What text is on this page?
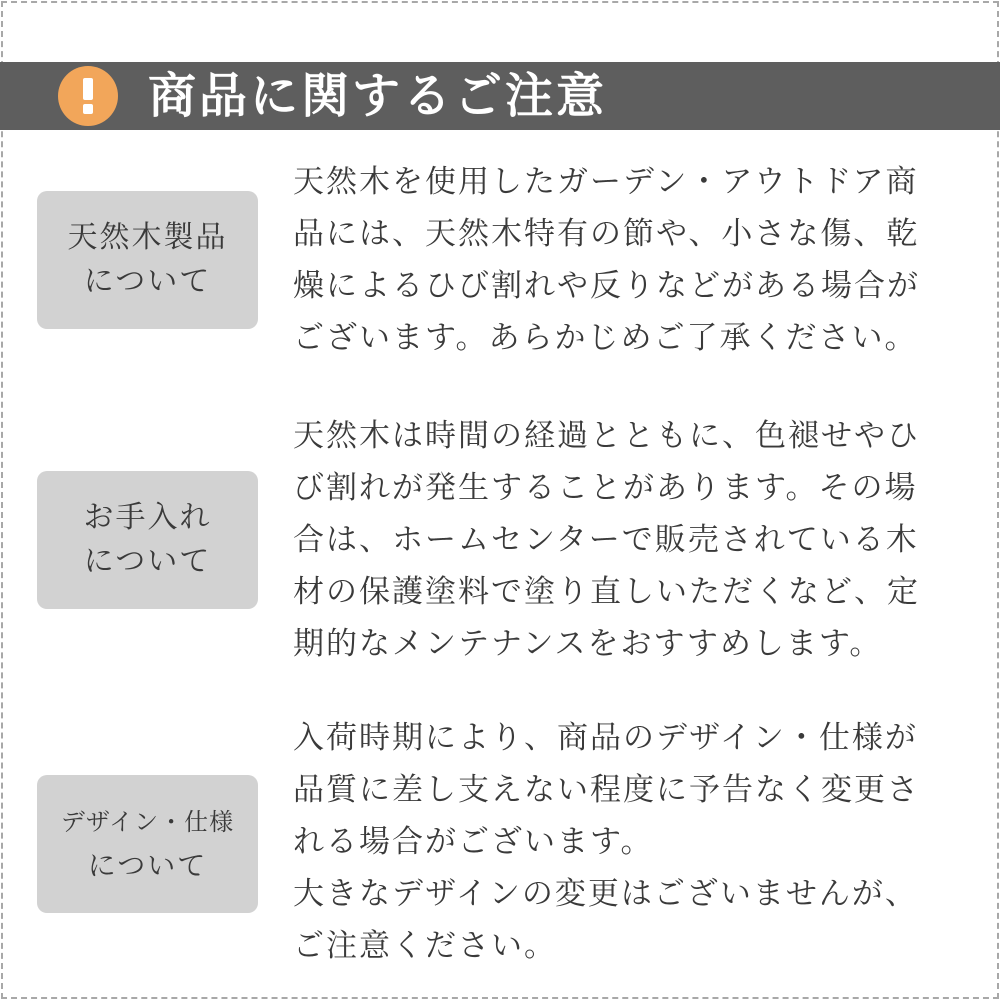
商品に関するご注意
天然木製品
について
天然木を使用したガーデン・アウトドア商
品には、天然木特有の節や、小さな傷、乾
燥によるひび割れや反りなどがある場合が
ございます。あらかじめご了承ください。
お手入れ
について
天然木は時間の経過とともに、色褪せやひ
び割れが発生することがあります。その場
合は、ホームセンターで販売されている木
材の保護塗料で塗り直しいただくなど、定
期的なメンテナンスをおすすめします。
デザイン・仕様
について
入荷時期により、商品のデザイン・仕様が
品質に差し支えない程度に予告なく変更さ
れる場合がございます。
大きなデザインの変更はございませんが、
ご注意ください。
